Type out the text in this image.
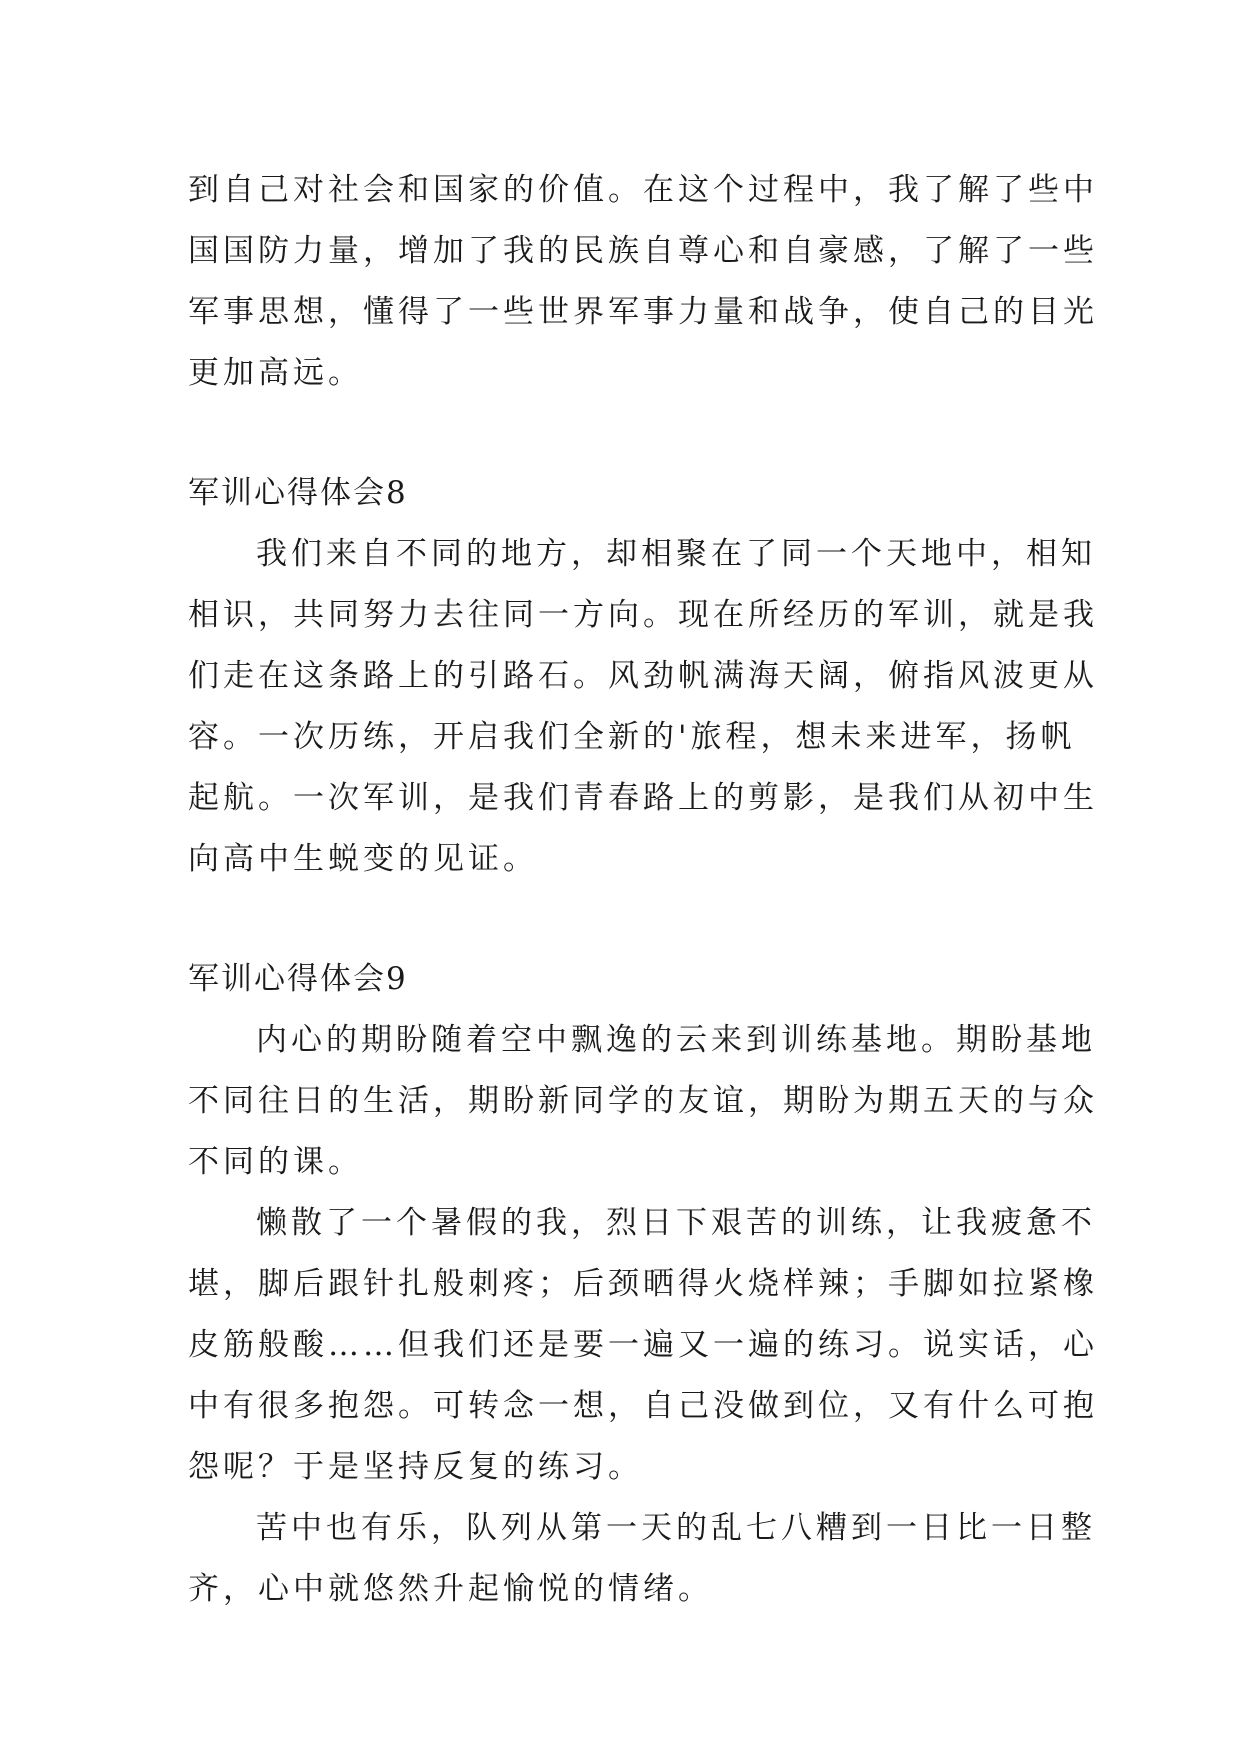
到自己对社会和国家的价值。在这个过程中，我了解了些中
国国防力量，增加了我的民族自尊心和自豪感，了解了一些
军事思想，懂得了一些世界军事力量和战争，使自己的目光
更加高远。
军训心得体会8
我们来自不同的地方，却相聚在了同一个天地中，相知
相识，共同努力去往同一方向。现在所经历的军训，就是我
们走在这条路上的引路石。风劲帆满海天阔，俯指风波更从
容。一次历练，开启我们全新的'旅程，想未来进军，扬帆
起航。一次军训，是我们青春路上的剪影，是我们从初中生
向高中生蜕变的见证。
军训心得体会9
内心的期盼随着空中飘逸的云来到训练基地。期盼基地
不同往日的生活，期盼新同学的友谊，期盼为期五天的与众
不同的课。
懒散了一个暑假的我，烈日下艰苦的训练，让我疲惫不
堪，脚后跟针扎般刺疼；后颈晒得火烧样辣；手脚如拉紧橡
皮筋般酸……但我们还是要一遍又一遍的练习。说实话，心
中有很多抱怨。可转念一想，自己没做到位，又有什么可抱
怨呢？于是坚持反复的练习。
苦中也有乐，队列从第一天的乱七八糟到一日比一日整
齐，心中就悠然升起愉悦的情绪。
